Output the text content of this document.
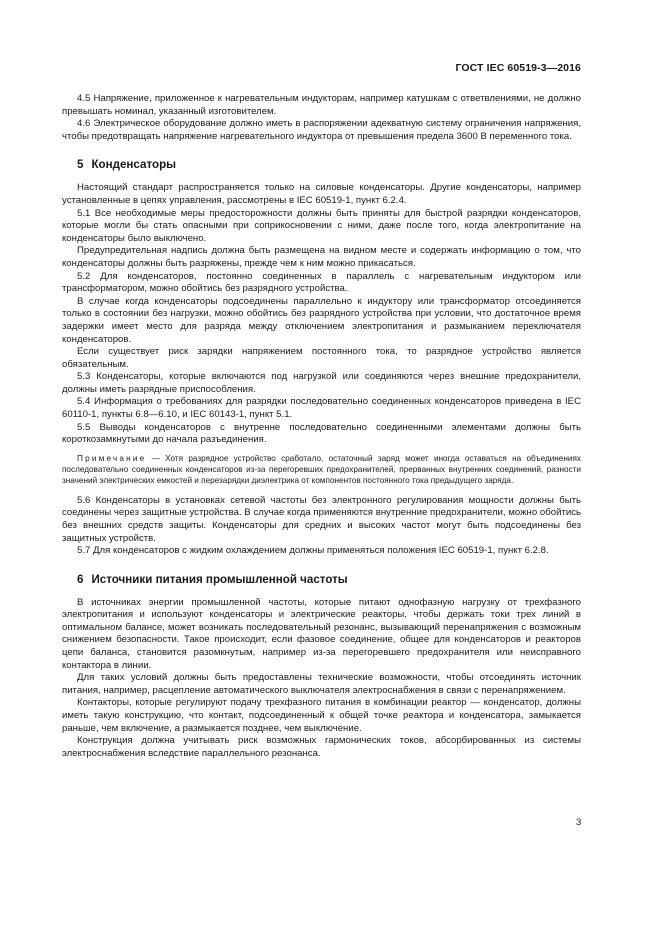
ГОСТ IEC 60519-3—2016

4.5 Напряжение, приложенное к нагревательным индукторам, например катушкам с ответвлениями, не должно превышать номинал, указанный изготовителем.

4.6 Электрическое оборудование должно иметь в распоряжении адекватную систему ограничения напряжения, чтобы предотвращать напряжение нагревательного индуктора от превышения предела 3600 В переменного тока.

5 Конденсаторы

Настоящий стандарт распространяется только на силовые конденсаторы. Другие конденсаторы, например установленные в цепях управления, рассмотрены в IEC 60519-1, пункт 6.2.4.

5.1 Все необходимые меры предосторожности должны быть приняты для быстрой разрядки конденсаторов, которые могли бы стать опасными при соприкосновении с ними, даже после того, когда электропитание на конденсаторы было выключено.

Предупредительная надпись должна быть размещена на видном месте и содержать информацию о том, что конденсаторы должны быть разряжены, прежде чем к ним можно прикасаться.

5.2 Для конденсаторов, постоянно соединенных в параллель с нагревательным индуктором или трансформатором, можно обойтись без разрядного устройства.

В случае когда конденсаторы подсоединены параллельно к индуктору или трансформатор отсоединяется только в состоянии без нагрузки, можно обойтись без разрядного устройства при условии, что достаточное время задержки имеет место для разряда между отключением электропитания и размыканием переключателя конденсаторов.

Если существует риск зарядки напряжением постоянного тока, то разрядное устройство является обязательным.

5.3 Конденсаторы, которые включаются под нагрузкой или соединяются через внешние предохранители, должны иметь разрядные приспособления.

5.4 Информация о требованиях для разрядки последовательно соединенных конденсаторов приведена в IEC 60110-1, пункты 6.8—6.10, и IEC 60143-1, пункт 5.1.

5.5 Выводы конденсаторов с внутренне последовательно соединенными элементами должны быть короткозамкнутыми до начала разъединения.

Примечание — Хотя разрядное устройство сработало, остаточный заряд может иногда оставаться на объединениях последовательно соединенных конденсаторов из-за перегоревших предохранителей, прерванных внутренних соединений, разности значений электрических емкостей и перезарядки диэлектрика от компонентов постоянного тока предыдущего заряда.

5.6 Конденсаторы в установках сетевой частоты без электронного регулирования мощности должны быть соединены через защитные устройства. В случае когда применяются внутренние предохранители, можно обойтись без внешних средств защиты. Конденсаторы для средних и высоких частот могут быть подсоединены без защитных устройств.

5.7 Для конденсаторов с жидким охлаждением должны применяться положения IEC 60519-1, пункт 6.2.8.

6 Источники питания промышленной частоты

В источниках энергии промышленной частоты, которые питают однофазную нагрузку от трехфазного электропитания и используют конденсаторы и электрические реакторы, чтобы держать токи трех линий в оптимальном балансе, может возникать последовательный резонанс, вызывающий перенапряжения с возможным снижением безопасности. Такое происходит, если фазовое соединение, общее для конденсаторов и реакторов цепи баланса, становится разомкнутым, например из-за перегоревшего предохранителя или неисправного контактора в линии.

Для таких условий должны быть предоставлены технические возможности, чтобы отсоединять источник питания, например, расцепление автоматического выключателя электроснабжения в связи с перенапряжением.

Контакторы, которые регулируют подачу трехфазного питания в комбинации реактор — конденсатор, должны иметь такую конструкцию, что контакт, подсоединенный к общей точке реактора и конденсатора, замыкается раньше, чем включение, а размыкается позднее, чем выключение.

Конструкция должна учитывать риск возможных гармонических токов, абсорбированных из системы электроснабжения вследствие параллельного резонанса.

3
